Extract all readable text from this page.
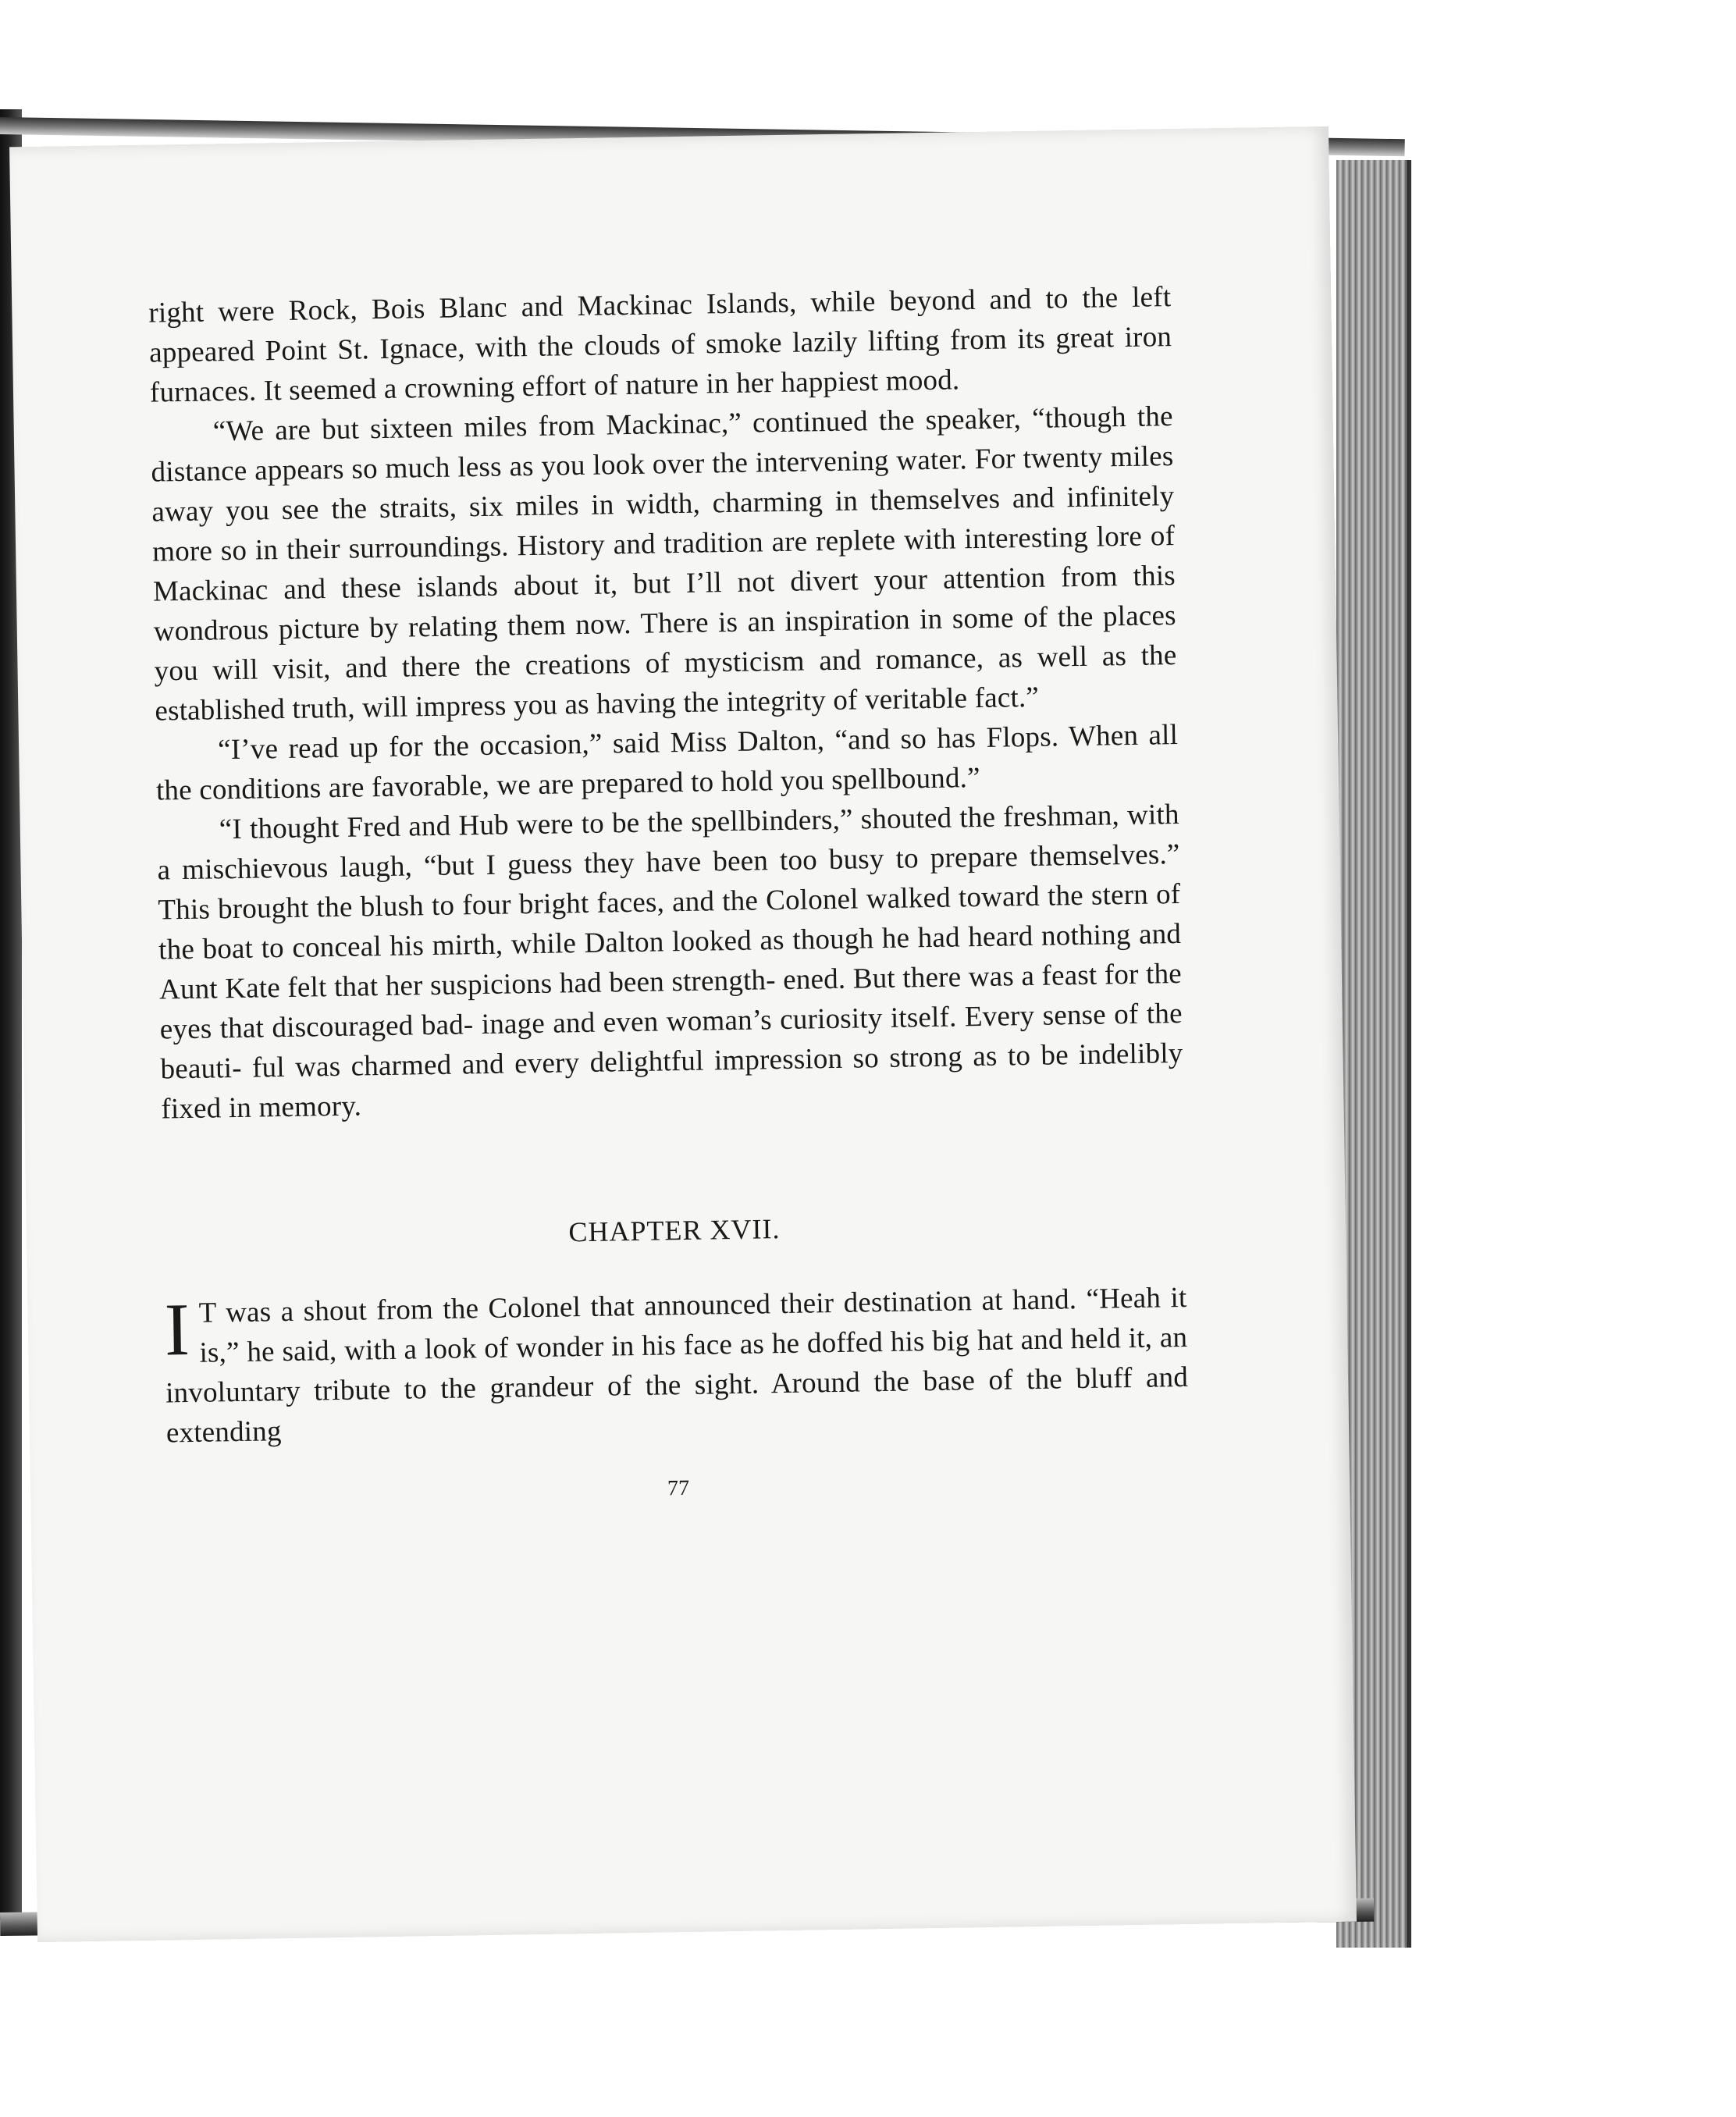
right were Rock, Bois Blanc and Mackinac Islands, while beyond and to the left appeared Point St. Ignace, with the clouds of smoke lazily lifting from its great iron furnaces. It seemed a crowning effort of nature in her happiest mood.

“We are but sixteen miles from Mackinac,” continued the speaker, “though the distance appears so much less as you look over the intervening water. For twenty miles away you see the straits, six miles in width, charming in themselves and infinitely more so in their surroundings. History and tradition are replete with interesting lore of Mackinac and these islands about it, but I’ll not divert your attention from this wondrous picture by relating them now. There is an inspiration in some of the places you will visit, and there the creations of mysticism and romance, as well as the established truth, will impress you as having the integrity of veritable fact.”

“I’ve read up for the occasion,” said Miss Dalton, “and so has Flops. When all the conditions are favorable, we are prepared to hold you spellbound.”

“I thought Fred and Hub were to be the spellbinders,” shouted the freshman, with a mischievous laugh, “but I guess they have been too busy to prepare themselves.” This brought the blush to four bright faces, and the Colonel walked toward the stern of the boat to conceal his mirth, while Dalton looked as though he had heard nothing and Aunt Kate felt that her suspicions had been strength- ened. But there was a feast for the eyes that discouraged bad- inage and even woman’s curiosity itself. Every sense of the beauti- ful was charmed and every delightful impression so strong as to be indelibly fixed in memory.

CHAPTER XVII.

I T was a shout from the Colonel that announced their destination at hand. “Heah it is,” he said, with a look of wonder in his face as he doffed his big hat and held it, an involuntary tribute to the grandeur of the sight. Around the base of the bluff and extending

77
